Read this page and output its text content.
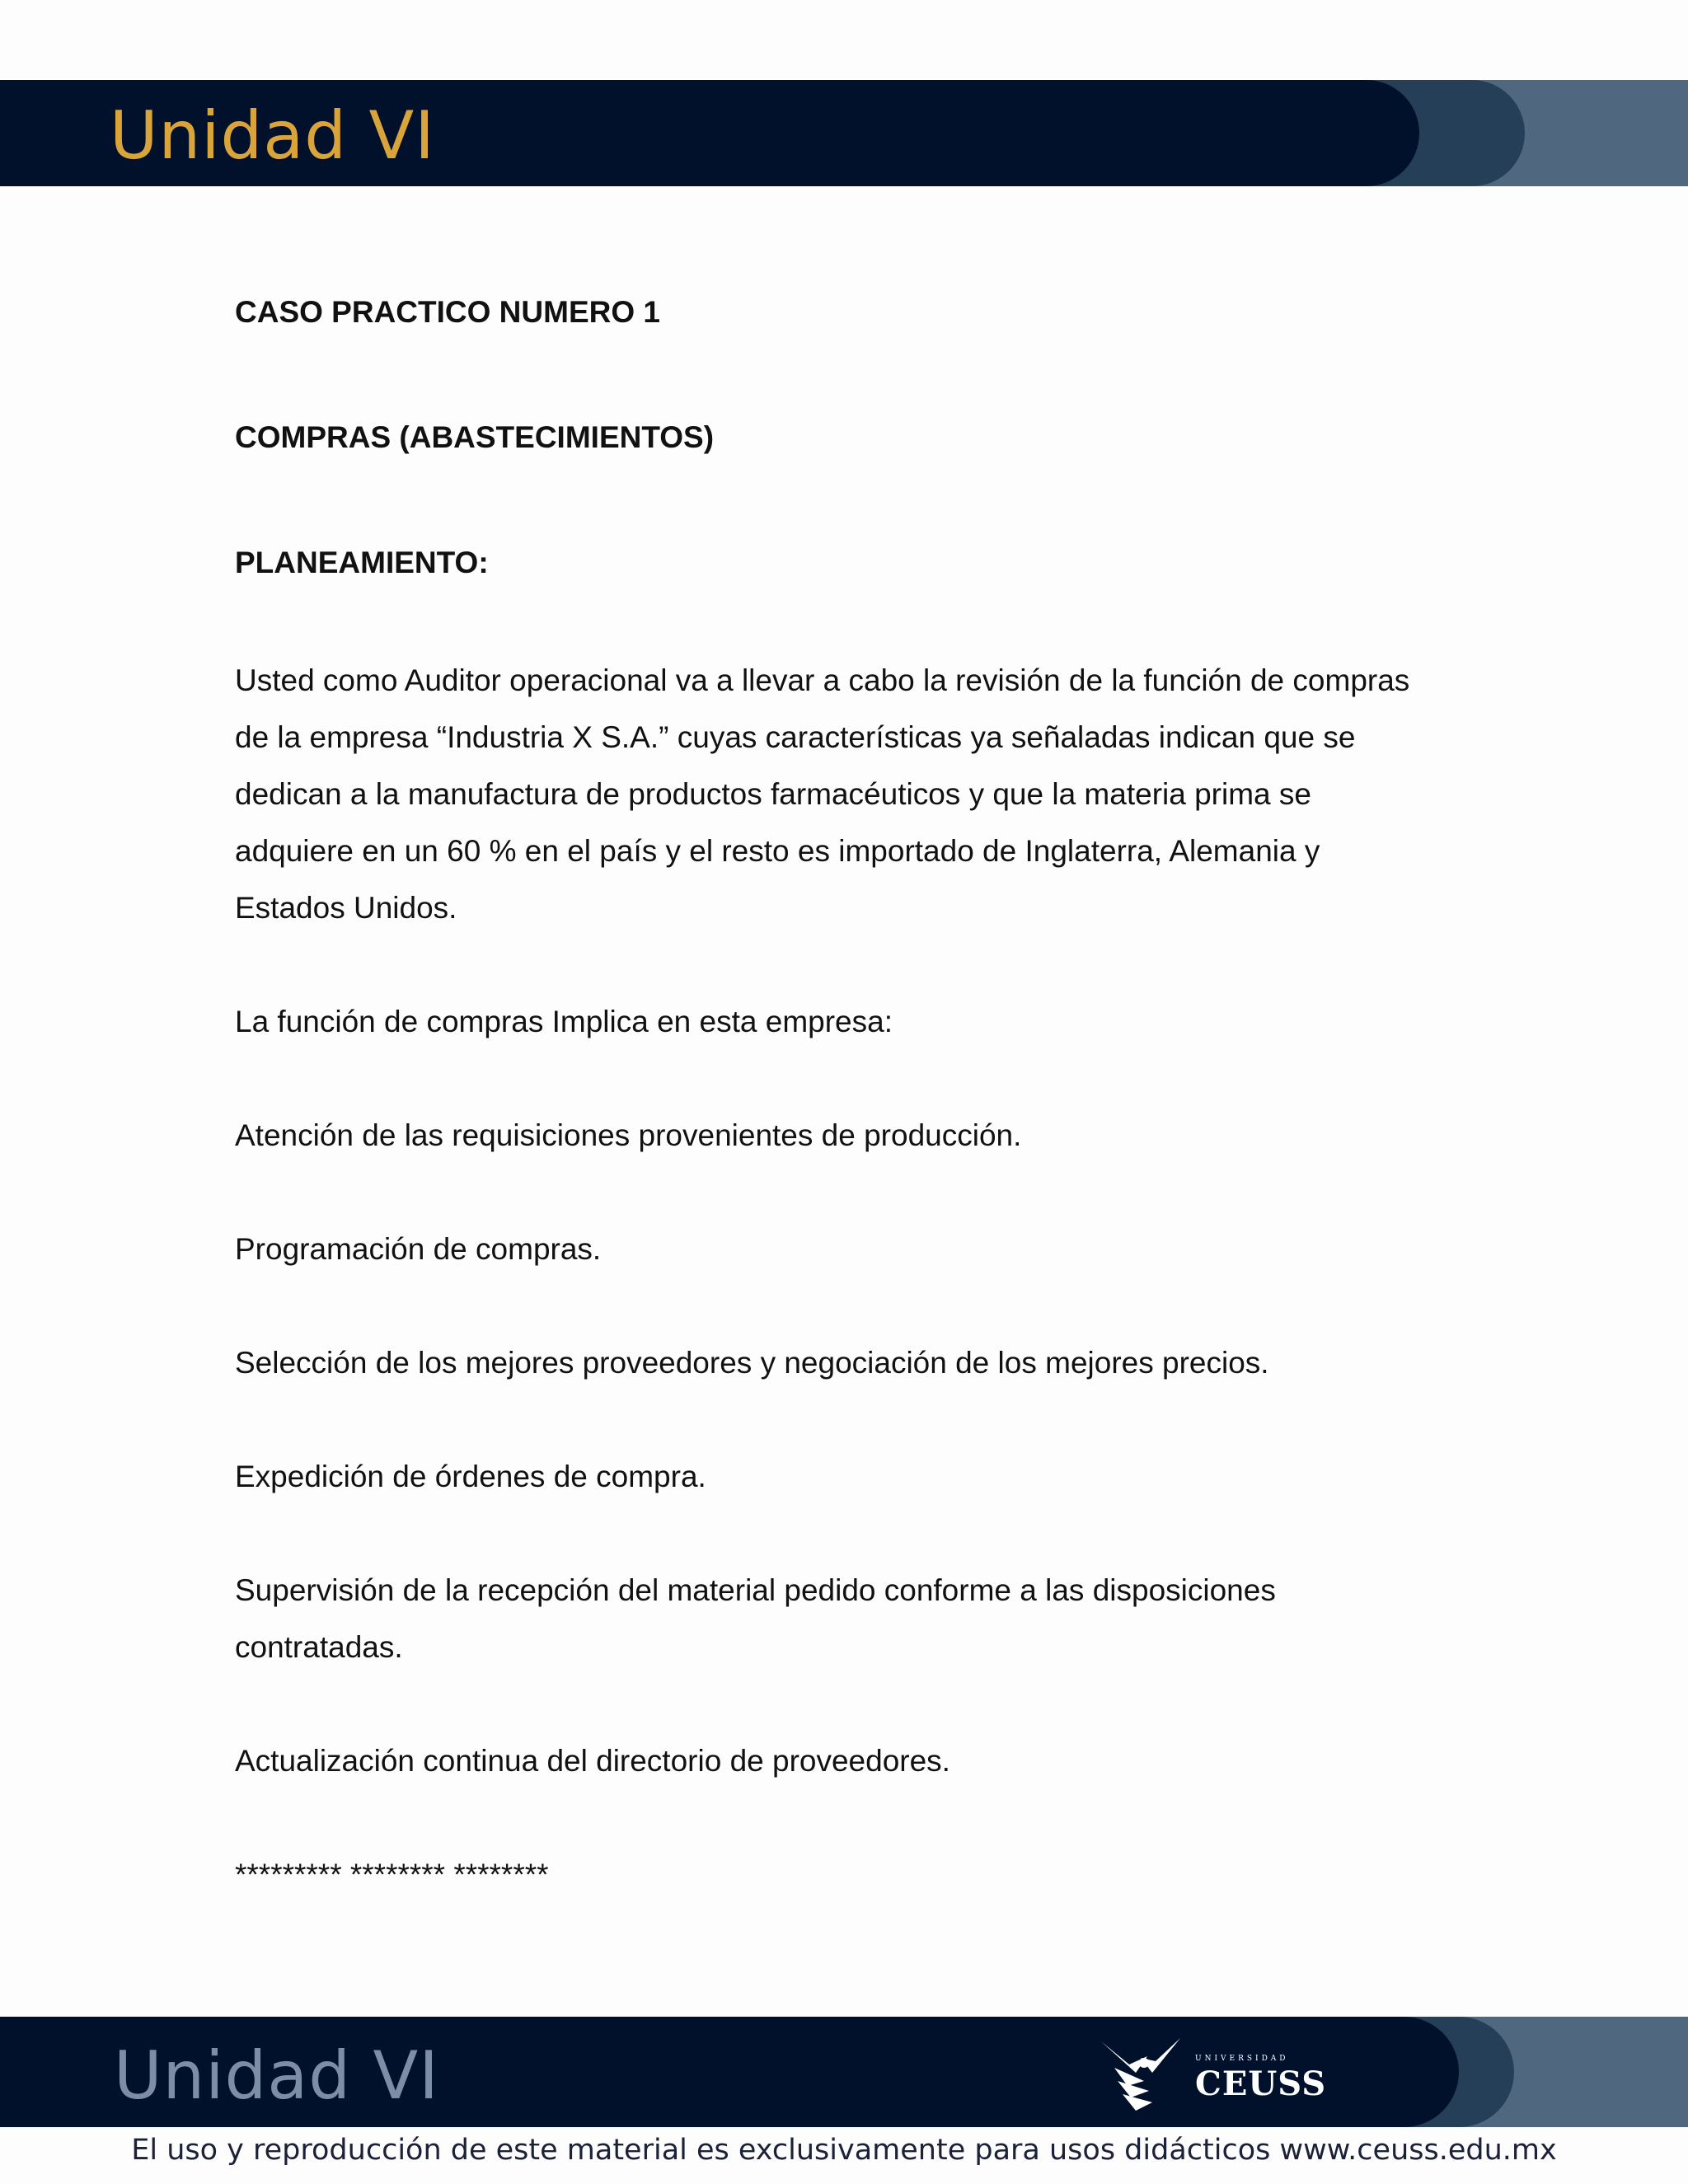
Unidad VI

CASO PRACTICO NUMERO 1

COMPRAS (ABASTECIMIENTOS)

PLANEAMIENTO:

Usted como Auditor operacional va a llevar a cabo la revisión de la función de compras de la empresa “Industria X S.A.” cuyas características ya señaladas indican que se dedican a la manufactura de productos farmacéuticos y que la materia prima se adquiere en un 60 % en el país y el resto es importado de Inglaterra, Alemania y Estados Unidos.

La función de compras Implica en esta empresa:

Atención de las requisiciones provenientes de producción.

Programación de compras.

Selección de los mejores proveedores y negociación de los mejores precios.

Expedición de órdenes de compra.

Supervisión de la recepción del material pedido conforme a las disposiciones contratadas.

Actualización continua del directorio de proveedores.

********* ******** ********

Unidad VI	UNIVERSIDAD
CEUSS
El uso y reproducción de este material es exclusivamente para usos didácticos www.ceuss.edu.mx
